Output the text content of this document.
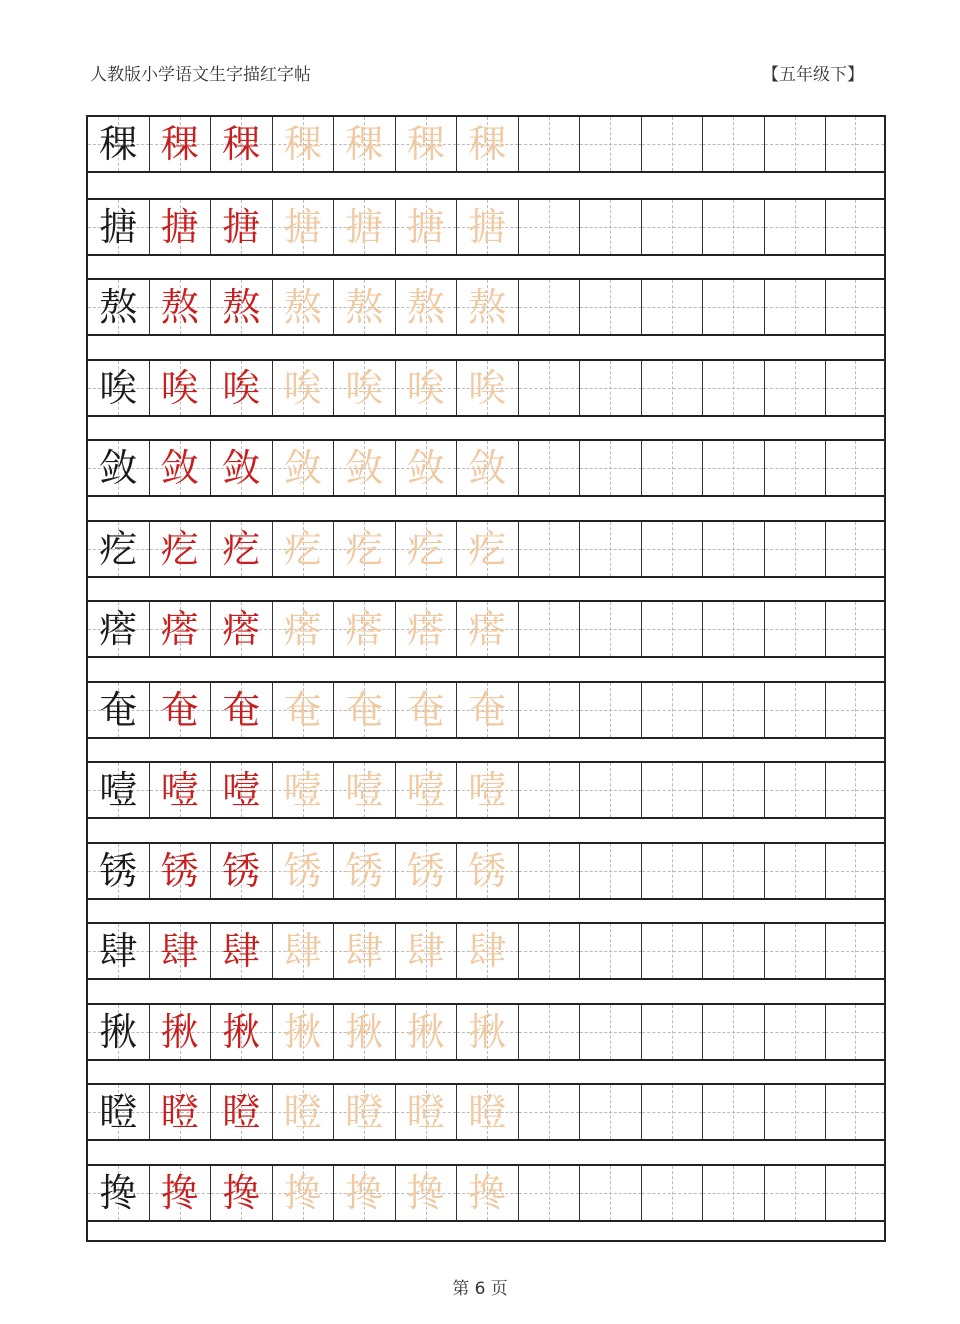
人教版小学语文生字描红字帖	【五年级下】
稞 稞 稞 稞 稞 稞 稞
搪 搪 搪 搪 搪 搪 搪
熬 熬 熬 熬 熬 熬 熬
唉 唉 唉 唉 唉 唉 唉
敛 敛 敛 敛 敛 敛 敛
疙 疙 疙 疙 疙 疙 疙
瘩 瘩 瘩 瘩 瘩 瘩 瘩
奄 奄 奄 奄 奄 奄 奄
噎 噎 噎 噎 噎 噎 噎
锈 锈 锈 锈 锈 锈 锈
肆 肆 肆 肆 肆 肆 肆
揪 揪 揪 揪 揪 揪 揪
瞪 瞪 瞪 瞪 瞪 瞪 瞪
搀 搀 搀 搀 搀 搀 搀
第 6 页
